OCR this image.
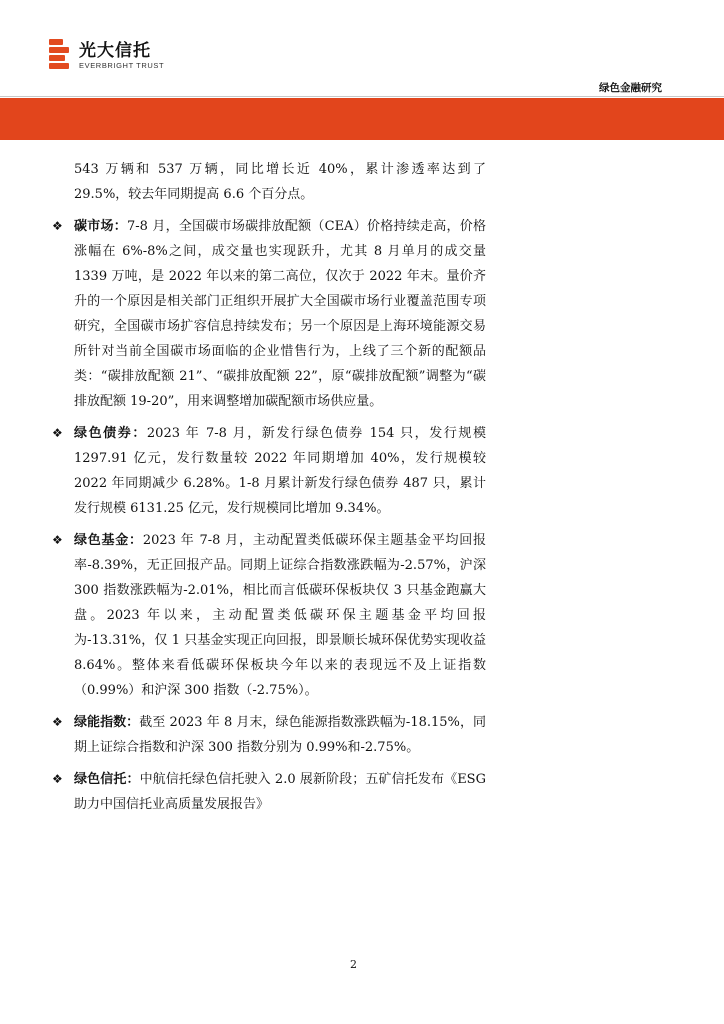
光大信托
EVERBRIGHT TRUST
绿色金融研究

543 万辆和 537 万辆，同比增长近 40%，累计渗透率达到了 29.5%，较去年同期提高 6.6 个百分点。

❖ 碳市场：7-8 月，全国碳市场碳排放配额（CEA）价格持续走高，价格涨幅在 6%-8%之间，成交量也实现跃升，尤其 8 月单月的成交量 1339 万吨，是 2022 年以来的第二高位，仅次于 2022 年末。量价齐升的一个原因是相关部门正组织开展扩大全国碳市场行业覆盖范围专项研究，全国碳市场扩容信息持续发布；另一个原因是上海环境能源交易所针对当前全国碳市场面临的企业惜售行为，上线了三个新的配额品类：“碳排放配额 21”、“碳排放配额 22”，原“碳排放配额”调整为“碳排放配额 19-20”，用来调整增加碳配额市场供应量。

❖ 绿色债券：2023 年 7-8 月，新发行绿色债券 154 只，发行规模 1297.91 亿元，发行数量较 2022 年同期增加 40%，发行规模较 2022 年同期减少 6.28%。1-8 月累计新发行绿色债券 487 只，累计发行规模 6131.25 亿元，发行规模同比增加 9.34%。

❖ 绿色基金：2023 年 7-8 月，主动配置类低碳环保主题基金平均回报率-8.39%，无正回报产品。同期上证综合指数涨跌幅为-2.57%，沪深 300 指数涨跌幅为-2.01%，相比而言低碳环保板块仅 3 只基金跑赢大盘。2023 年以来，主动配置类低碳环保主题基金平均回报为-13.31%，仅 1 只基金实现正向回报，即景顺长城环保优势实现收益 8.64%。整体来看低碳环保板块今年以来的表现远不及上证指数（0.99%）和沪深 300 指数（-2.75%）。

❖ 绿能指数：截至 2023 年 8 月末，绿色能源指数涨跌幅为-18.15%，同期上证综合指数和沪深 300 指数分别为 0.99%和-2.75%。

❖ 绿色信托：中航信托绿色信托驶入 2.0 展新阶段；五矿信托发布《ESG 助力中国信托业高质量发展报告》

2
